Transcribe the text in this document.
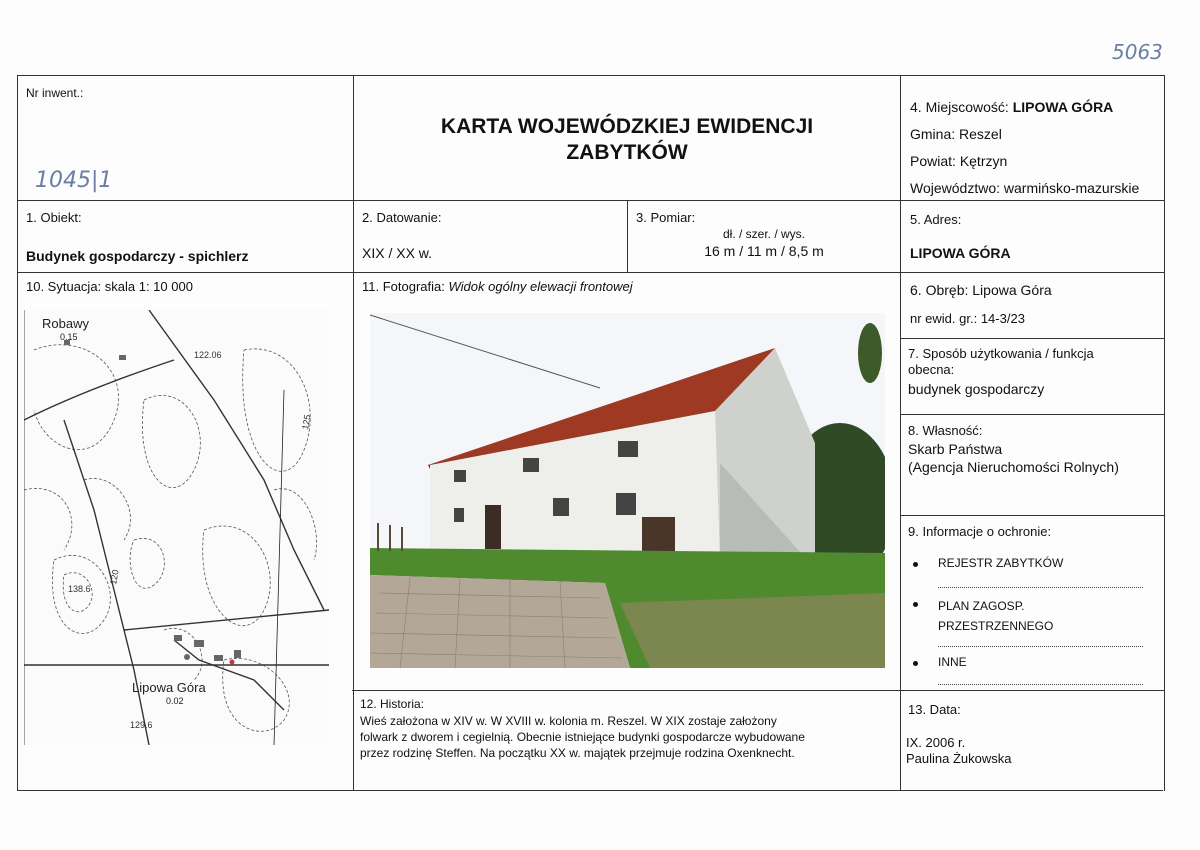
5063
Nr inwent.:
1045|1
KARTA WOJEWÓDZKIEJ EWIDENCJI
ZABYTKÓW
4. Miejscowość: LIPOWA GÓRA
Gmina: Reszel
Powiat: Kętrzyn
Województwo: warmińsko-mazurskie
1. Obiekt:
Budynek gospodarczy - spichlerz
2. Datowanie:
XIX / XX w.
3. Pomiar:
dł. / szer. / wys.
16 m / 11 m / 8,5 m
5. Adres:
LIPOWA GÓRA
10. Sytuacja: skala 1: 10 000
138.6
120
125
129.6
122.06
Robawy
0.15
Lipowa Góra
0.02
11. Fotografia: Widok ogólny elewacji frontowej	6. Obręb: Lipowa Góra
nr ewid. gr.: 14-3/23
7. Sposób użytkowania / funkcja
obecna:
budynek gospodarczy
8. Własność:
Skarb Państwa
(Agencja Nieruchomości Rolnych)
9. Informacje o ochronie:
REJESTR ZABYTKÓW
PLAN ZAGOSP.
PRZESTRZENNEGO
INNE
12. Historia:
Wieś założona w XIV w. W XVIII w. kolonia m. Reszel. W XIX zostaje założony
folwark z dworem i cegielnią. Obecnie istniejące budynki gospodarcze wybudowane
przez rodzinę Steffen. Na początku XX w. majątek przejmuje rodzina Oxenknecht.
13. Data:
IX. 2006 r.
Paulina Żukowska
